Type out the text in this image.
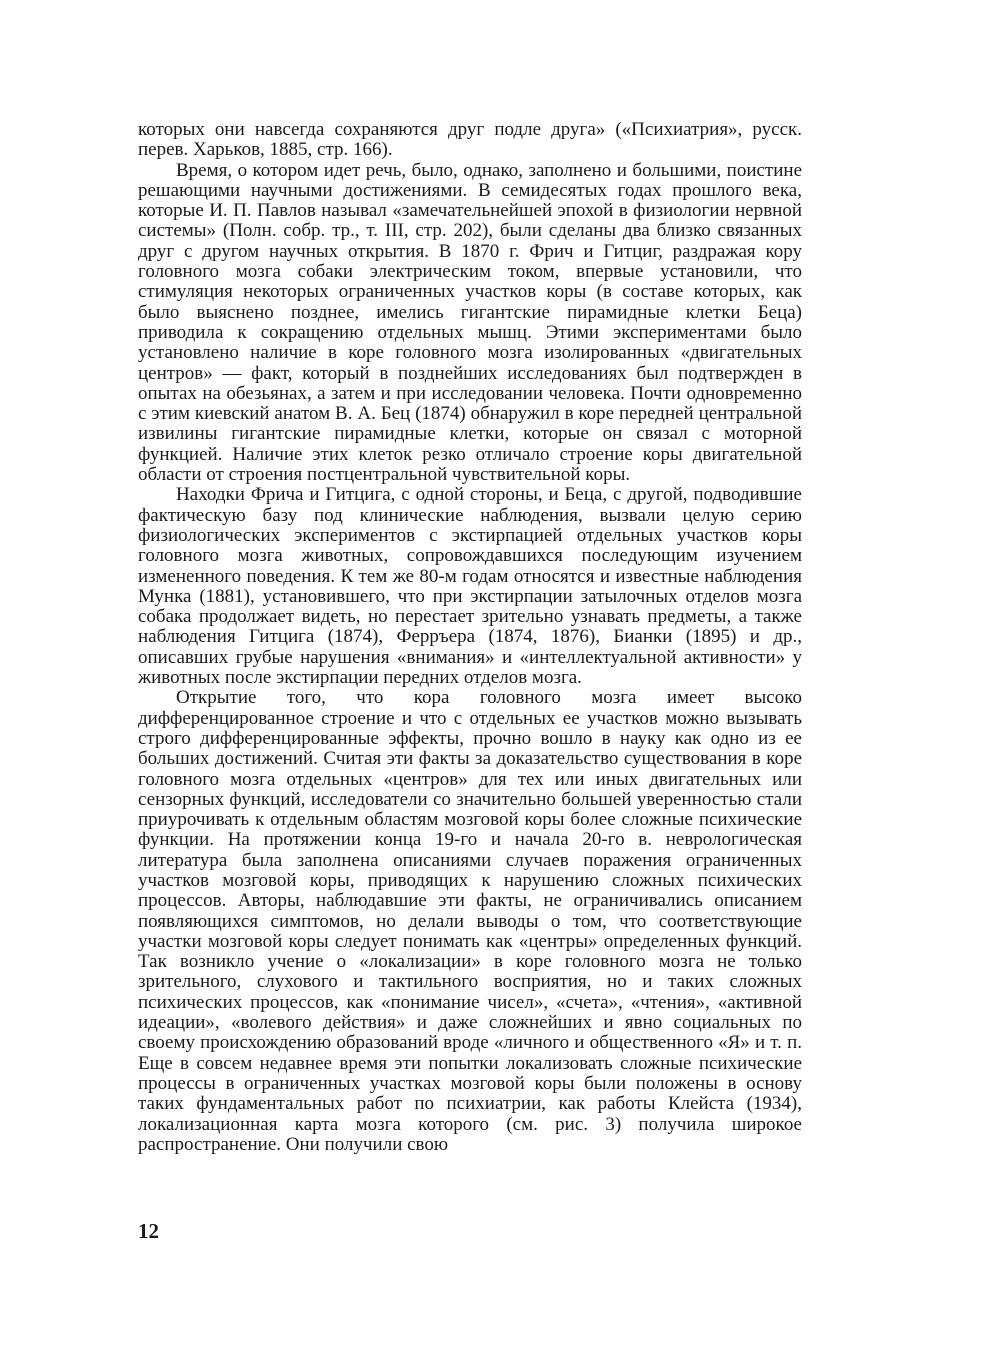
которых они навсегда сохраняются друг подле друга» («Психиатрия», русск. перев. Харьков, 1885, стр. 166).

Время, о котором идет речь, было, однако, заполнено и большими, поистине решающими научными достижениями. В семидесятых годах прошлого века, которые И. П. Павлов называл «замечательнейшей эпохой в физиологии нервной системы» (Полн. собр. тр., т. III, стр. 202), были сделаны два близко связанных друг с другом научных открытия. В 1870 г. Фрич и Гитциг, раздражая кору головного мозга собаки электрическим током, впервые установили, что стимуляция некоторых ограниченных участков коры (в составе которых, как было выяснено позднее, имелись гигантские пирамидные клетки Беца) приводила к сокращению отдельных мышц. Этими экспериментами было установлено наличие в коре головного мозга изолированных «двигательных центров» — факт, который в позднейших исследованиях был подтвержден в опытах на обезьянах, а затем и при исследовании человека. Почти одновременно с этим киевский анатом В. А. Бец (1874) обнаружил в коре передней центральной извилины гигантские пирамидные клетки, которые он связал с моторной функцией. Наличие этих клеток резко отличало строение коры двигательной области от строения постцентральной чувствительной коры.

Находки Фрича и Гитцига, с одной стороны, и Беца, с другой, подводившие фактическую базу под клинические наблюдения, вызвали целую серию физиологических экспериментов с экстирпацией отдельных участков коры головного мозга животных, сопровождавшихся последующим изучением измененного поведения. К тем же 80-м годам относятся и известные наблюдения Мунка (1881), установившего, что при экстирпации затылочных отделов мозга собака продолжает видеть, но перестает зрительно узнавать предметы, а также наблюдения Гитцига (1874), Ферръера (1874, 1876), Бианки (1895) и др., описавших грубые нарушения «внимания» и «интеллектуальной активности» у животных после экстирпации передних отделов мозга.

Открытие того, что кора головного мозга имеет высоко дифференцированное строение и что с отдельных ее участков можно вызывать строго дифференцированные эффекты, прочно вошло в науку как одно из ее больших достижений. Считая эти факты за доказательство существования в коре головного мозга отдельных «центров» для тех или иных двигательных или сензорных функций, исследователи со значительно большей уверенностью стали приурочивать к отдельным областям мозговой коры более сложные психические функции. На протяжении конца 19-го и начала 20-го в. неврологическая литература была заполнена описаниями случаев поражения ограниченных участков мозговой коры, приводящих к нарушению сложных психических процессов. Авторы, наблюдавшие эти факты, не ограничивались описанием появляющихся симптомов, но делали выводы о том, что соответствующие участки мозговой коры следует понимать как «центры» определенных функций. Так возникло учение о «локализации» в коре головного мозга не только зрительного, слухового и тактильного восприятия, но и таких сложных психических процессов, как «понимание чисел», «счета», «чтения», «активной идеации», «волевого действия» и даже сложнейших и явно социальных по своему происхождению образований вроде «личного и общественного «Я» и т. п. Еще в совсем недавнее время эти попытки локализовать сложные психические процессы в ограниченных участках мозговой коры были положены в основу таких фундаментальных работ по психиатрии, как работы Клейста (1934), локализационная карта мозга которого (см. рис. 3) получила широкое распространение. Они получили свою

12
